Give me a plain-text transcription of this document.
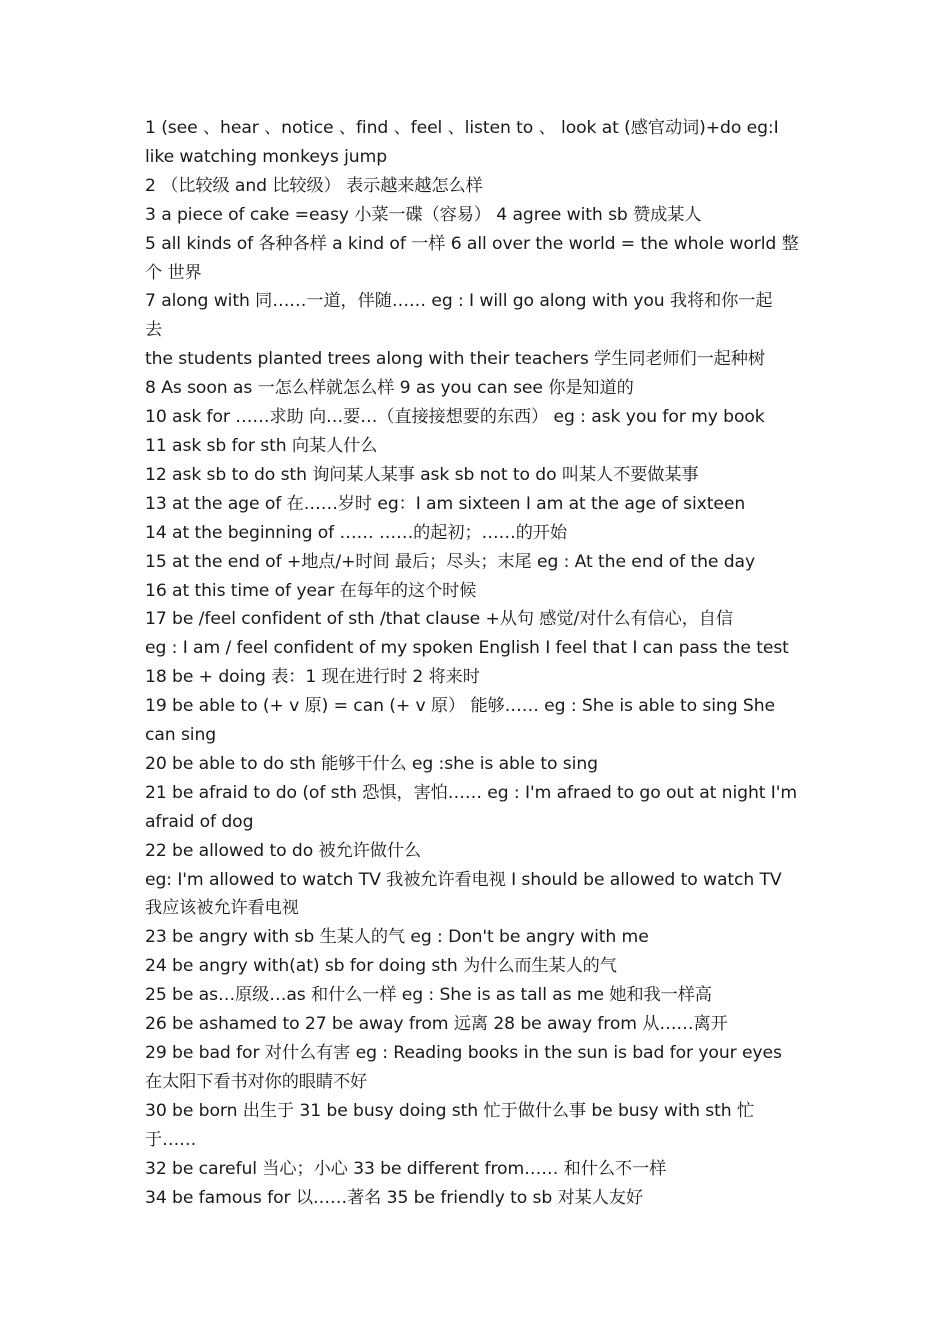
1 (see 、hear 、notice 、find 、feel 、listen to 、 look at (感官动词)+do eg:I
like watching monkeys jump
2 （比较级 and 比较级） 表示越来越怎么样
3 a piece of cake =easy 小菜一碟（容易） 4 agree with sb 赞成某人
5 all kinds of 各种各样 a kind of 一样 6 all over the world = the whole world 整
个 世界
7 along with 同……一道，伴随…… eg : I will go along with you 我将和你一起
去
the students planted trees along with their teachers 学生同老师们一起种树
8 As soon as 一怎么样就怎么样 9 as you can see 你是知道的
10 ask for ……求助 向…要…（直接接想要的东西） eg : ask you for my book
11 ask sb for sth 向某人什么
12 ask sb to do sth 询问某人某事 ask sb not to do 叫某人不要做某事
13 at the age of 在……岁时 eg：I am sixteen I am at the age of sixteen
14 at the beginning of …… ……的起初；……的开始
15 at the end of +地点/+时间 最后；尽头；末尾 eg : At the end of the day
16 at this time of year 在每年的这个时候
17 be /feel confident of sth /that clause +从句 感觉/对什么有信心，自信
eg : I am / feel confident of my spoken English I feel that I can pass the test
18 be + doing 表：1 现在进行时 2 将来时
19 be able to (+ v 原) = can (+ v 原） 能够…… eg : She is able to sing She
can sing
20 be able to do sth 能够干什么 eg :she is able to sing
21 be afraid to do (of sth 恐惧，害怕…… eg : I'm afraed to go out at night I'm
afraid of dog
22 be allowed to do 被允许做什么
eg: I'm allowed to watch TV 我被允许看电视 I should be allowed to watch TV
我应该被允许看电视
23 be angry with sb 生某人的气 eg : Don't be angry with me
24 be angry with(at) sb for doing sth 为什么而生某人的气
25 be as…原级…as 和什么一样 eg : She is as tall as me 她和我一样高
26 be ashamed to 27 be away from 远离 28 be away from 从……离开
29 be bad for 对什么有害 eg : Reading books in the sun is bad for your eyes
在太阳下看书对你的眼睛不好
30 be born 出生于 31 be busy doing sth 忙于做什么事 be busy with sth 忙
于……
32 be careful 当心；小心 33 be different from…… 和什么不一样
34 be famous for 以……著名 35 be friendly to sb 对某人友好
